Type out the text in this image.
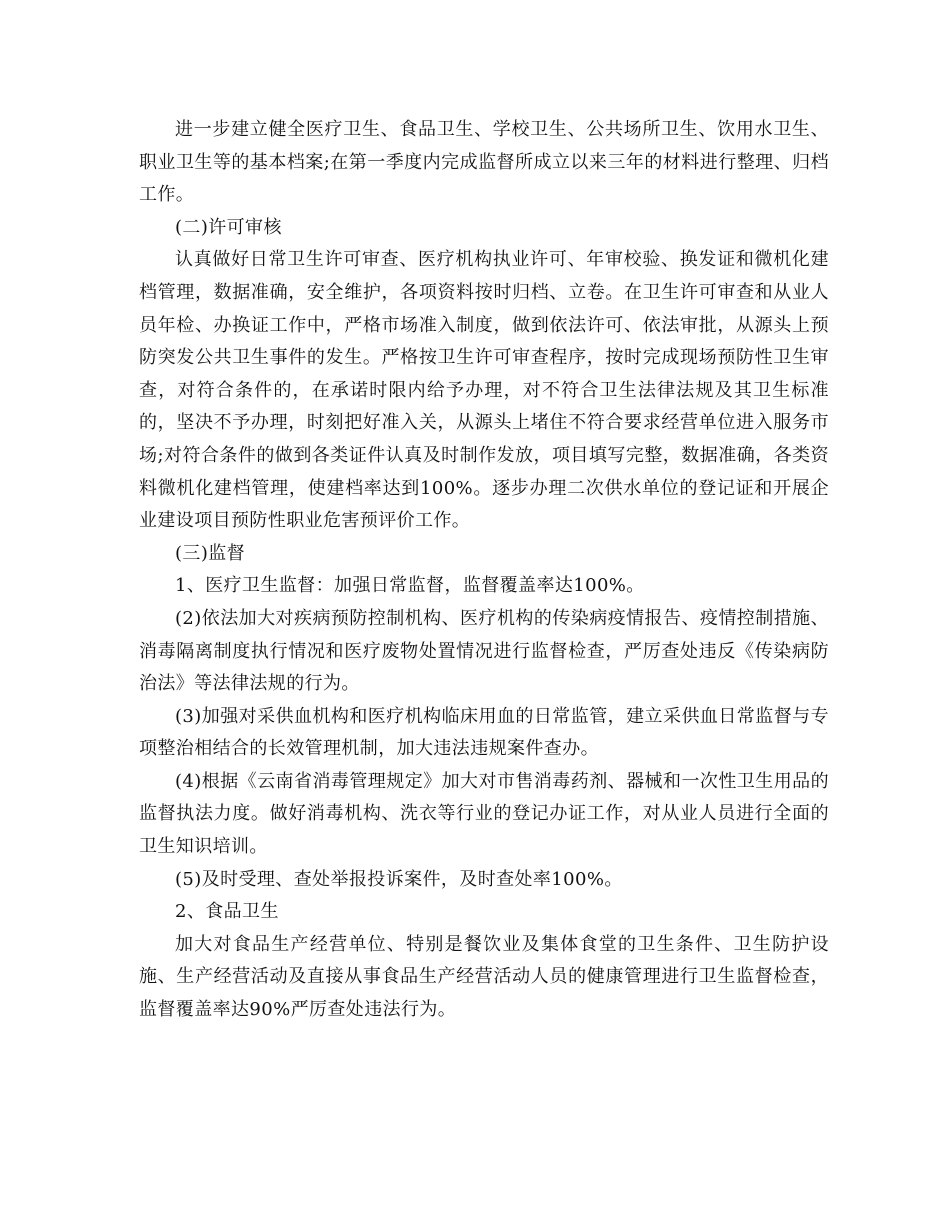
进一步建立健全医疗卫生、食品卫生、学校卫生、公共场所卫生、饮用水卫生、职业卫生等的基本档案;在第一季度内完成监督所成立以来三年的材料进行整理、归档工作。

(二)许可审核

认真做好日常卫生许可审查、医疗机构执业许可、年审校验、换发证和微机化建档管理，数据准确，安全维护，各项资料按时归档、立卷。在卫生许可审查和从业人员年检、办换证工作中，严格市场准入制度，做到依法许可、依法审批，从源头上预防突发公共卫生事件的发生。严格按卫生许可审查程序，按时完成现场预防性卫生审查，对符合条件的，在承诺时限内给予办理，对不符合卫生法律法规及其卫生标准的，坚决不予办理，时刻把好准入关，从源头上堵住不符合要求经营单位进入服务市场;对符合条件的做到各类证件认真及时制作发放，项目填写完整，数据准确，各类资料微机化建档管理，使建档率达到100%。逐步办理二次供水单位的登记证和开展企业建设项目预防性职业危害预评价工作。

(三)监督

1、医疗卫生监督：加强日常监督，监督覆盖率达100%。

(2)依法加大对疾病预防控制机构、医疗机构的传染病疫情报告、疫情控制措施、消毒隔离制度执行情况和医疗废物处置情况进行监督检查，严厉查处违反《传染病防治法》等法律法规的行为。

(3)加强对采供血机构和医疗机构临床用血的日常监管，建立采供血日常监督与专项整治相结合的长效管理机制，加大违法违规案件查办。

(4)根据《云南省消毒管理规定》加大对市售消毒药剂、器械和一次性卫生用品的监督执法力度。做好消毒机构、洗衣等行业的登记办证工作，对从业人员进行全面的卫生知识培训。

(5)及时受理、查处举报投诉案件，及时查处率100%。

2、食品卫生

加大对食品生产经营单位、特别是餐饮业及集体食堂的卫生条件、卫生防护设施、生产经营活动及直接从事食品生产经营活动人员的健康管理进行卫生监督检查，监督覆盖率达90%严厉查处违法行为。
